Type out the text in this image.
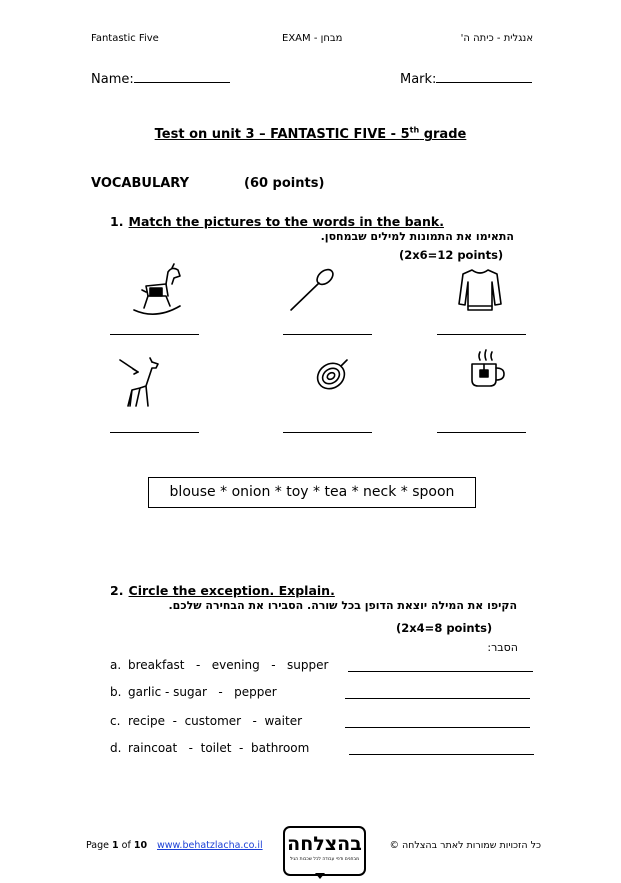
Fantastic Five	EXAM - מבחן	אנגלית - כיתה ה'
Name:	Mark:
Test on unit 3 – FANTASTIC FIVE - 5th grade
VOCABULARY	(60 points)
1. Match the pictures to the words in the bank.
התאימו את התמונות למילים שבמחסן.
(2x6=12 points)
blouse * onion * toy * tea * neck * spoon
2. Circle the exception. Explain.
הקיפו את המילה יוצאת הדופן בכל שורה. הסבירו את הבחירה שלכם.
(2x4=8 points)
הסבר:
a. breakfast   -   evening   -   supper
b. garlic - sugar   -   pepper
c. recipe  -  customer   -  waiter
d. raincoat   -  toilet  -  bathroom
Page 1 of 10 www.behatzlacha.co.il בהצלחה
מבחנים ודפי עבודה לכל שכבות הגיל
כל הזכויות שמורות לאתר בהצלחה ©
